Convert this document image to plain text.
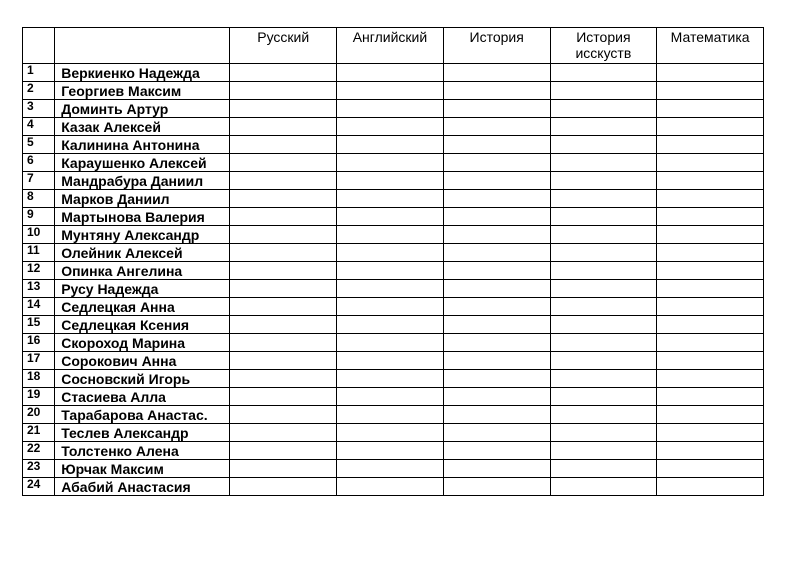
		Русский	Английский	История	История исскуств	Математика
1	Веркиенко Надежда					
2	Георгиев Максим					
3	Доминть Артур					
4	Казак Алексей					
5	Калинина Антонина					
6	Караушенко Алексей					
7	Мандрабура Даниил					
8	Марков Даниил					
9	Мартынова Валерия					
10	Мунтяну Александр					
11	Олейник Алексей					
12	Опинка Ангелина					
13	Русу Надежда					
14	Седлецкая Анна					
15	Седлецкая Ксения					
16	Скороход Марина					
17	Сорокович Анна					
18	Сосновский Игорь					
19	Стасиева Алла					
20	Тарабарова Анастас.					
21	Теслев Александр					
22	Толстенко Алена					
23	Юрчак Максим					
24	Абабий Анастасия					
